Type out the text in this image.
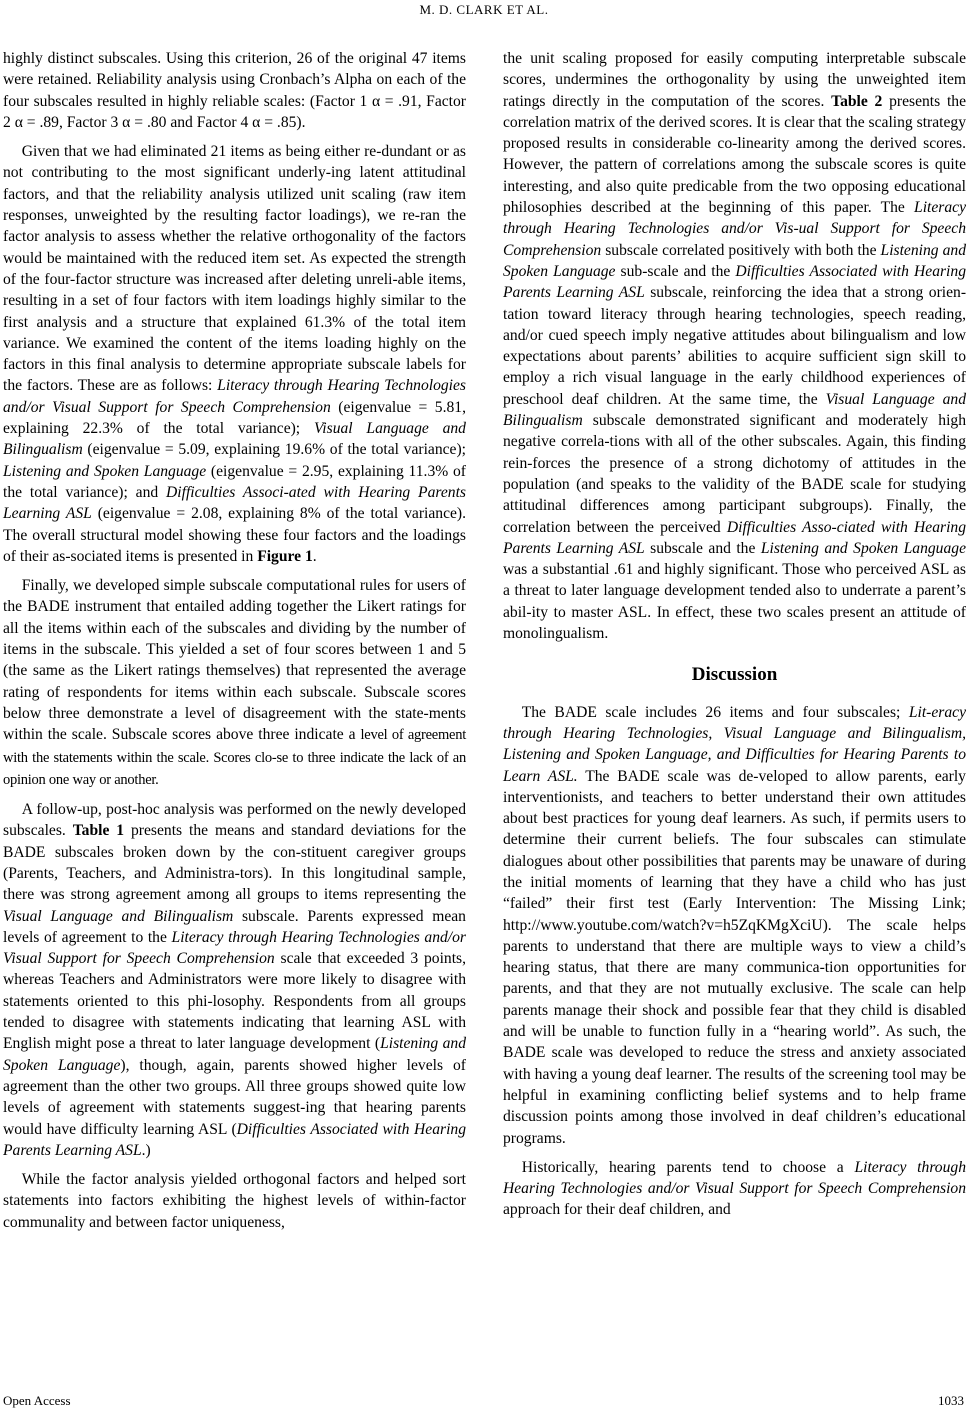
M. D. CLARK ET AL.

highly distinct subscales. Using this criterion, 26 of the original 47 items were retained. Reliability analysis using Cronbach’s Alpha on each of the four subscales resulted in highly reliable scales: (Factor 1 α = .91, Factor 2 α = .89, Factor 3 α = .80 and Factor 4 α = .85).

Given that we had eliminated 21 items as being either re-dundant or as not contributing to the most significant underly-ing latent attitudinal factors, and that the reliability analysis utilized unit scaling (raw item responses, unweighted by the resulting factor loadings), we re-ran the factor analysis to assess whether the relative orthogonality of the factors would be maintained with the reduced item set. As expected the strength of the four-factor structure was increased after deleting unreli-able items, resulting in a set of four factors with item loadings highly similar to the first analysis and a structure that explained 61.3% of the total item variance. We examined the content of the items loading highly on the factors in this final analysis to determine appropriate subscale labels for the factors. These are as follows: Literacy through Hearing Technologies and/or Visual Support for Speech Comprehension (eigenvalue = 5.81, explaining 22.3% of the total variance); Visual Language and Bilingualism (eigenvalue = 5.09, explaining 19.6% of the total variance); Listening and Spoken Language (eigenvalue = 2.95, explaining 11.3% of the total variance); and Difficulties Associ-ated with Hearing Parents Learning ASL (eigenvalue = 2.08, explaining 8% of the total variance). The overall structural model showing these four factors and the loadings of their as-sociated items is presented in Figure 1.

Finally, we developed simple subscale computational rules for users of the BADE instrument that entailed adding together the Likert ratings for all the items within each of the subscales and dividing by the number of items in the subscale. This yielded a set of four scores between 1 and 5 (the same as the Likert ratings themselves) that represented the average rating of respondents for items within each subscale. Subscale scores below three demonstrate a level of disagreement with the state-ments within the scale. Subscale scores above three indicate a level of agreement with the statements within the scale. Scores clo-se to three indicate the lack of an opinion one way or another.

A follow-up, post-hoc analysis was performed on the newly developed subscales. Table 1 presents the means and standard deviations for the BADE subscales broken down by the con-stituent caregiver groups (Parents, Teachers, and Administra-tors). In this longitudinal sample, there was strong agreement among all groups to items representing the Visual Language and Bilingualism subscale. Parents expressed mean levels of agreement to the Literacy through Hearing Technologies and/or Visual Support for Speech Comprehension scale that exceeded 3 points, whereas Teachers and Administrators were more likely to disagree with statements oriented to this phi-losophy. Respondents from all groups tended to disagree with statements indicating that learning ASL with English might pose a threat to later language development (Listening and Spoken Language), though, again, parents showed higher levels of agreement than the other two groups. All three groups showed quite low levels of agreement with statements suggest-ing that hearing parents would have difficulty learning ASL (Difficulties Associated with Hearing Parents Learning ASL.)

While the factor analysis yielded orthogonal factors and helped sort statements into factors exhibiting the highest levels of within-factor communality and between factor uniqueness,

the unit scaling proposed for easily computing interpretable subscale scores, undermines the orthogonality by using the unweighted item ratings directly in the computation of the scores. Table 2 presents the correlation matrix of the derived scores. It is clear that the scaling strategy proposed results in considerable co-linearity among the derived scores. However, the pattern of correlations among the subscale scores is quite interesting, and also quite predicable from the two opposing educational philosophies described at the beginning of this paper. The Literacy through Hearing Technologies and/or Vis-ual Support for Speech Comprehension subscale correlated positively with both the Listening and Spoken Language sub-scale and the Difficulties Associated with Hearing Parents Learning ASL subscale, reinforcing the idea that a strong orien-tation toward literacy through hearing technologies, speech reading, and/or cued speech imply negative attitudes about bilingualism and low expectations about parents’ abilities to acquire sufficient sign skill to employ a rich visual language in the early childhood experiences of preschool deaf children. At the same time, the Visual Language and Bilingualism subscale demonstrated significant and moderately high negative correla-tions with all of the other subscales. Again, this finding rein-forces the presence of a strong dichotomy of attitudes in the population (and speaks to the validity of the BADE scale for studying attitudinal differences among participant subgroups). Finally, the correlation between the perceived Difficulties Asso-ciated with Hearing Parents Learning ASL subscale and the Listening and Spoken Language was a substantial .61 and highly significant. Those who perceived ASL as a threat to later language development tended also to underrate a parent’s abil-ity to master ASL. In effect, these two scales present an attitude of monolingualism.

Discussion

The BADE scale includes 26 items and four subscales; Lit-eracy through Hearing Technologies, Visual Language and Bilingualism, Listening and Spoken Language, and Difficulties for Hearing Parents to Learn ASL. The BADE scale was de-veloped to allow parents, early interventionists, and teachers to better understand their own attitudes about best practices for young deaf learners. As such, if permits users to determine their current beliefs. The four subscales can stimulate dialogues about other possibilities that parents may be unaware of during the initial moments of learning that they have a child who has just “failed” their first test (Early Intervention: The Missing Link; http://www.youtube.com/watch?v=h5ZqKMgXciU). The scale helps parents to understand that there are multiple ways to view a child’s hearing status, that there are many communica-tion opportunities for parents, and that they are not mutually exclusive. The scale can help parents manage their shock and possible fear that they child is disabled and will be unable to function fully in a “hearing world”. As such, the BADE scale was developed to reduce the stress and anxiety associated with having a young deaf learner. The results of the screening tool may be helpful in examining conflicting belief systems and to help frame discussion points among those involved in deaf children’s educational programs.

Historically, hearing parents tend to choose a Literacy through Hearing Technologies and/or Visual Support for Speech Comprehension approach for their deaf children, and

Open Access	1033
